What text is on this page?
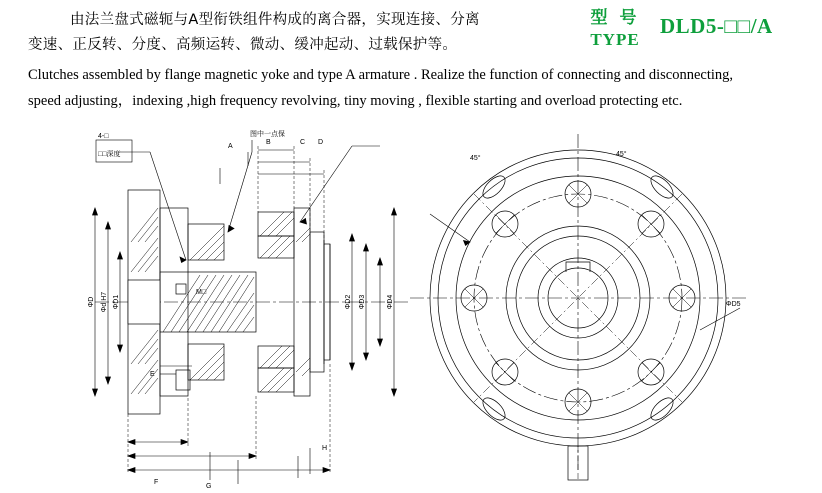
由法兰盘式磁轭与A型衔铁组件构成的离合器，实现连接、分离
变速、正反转、分度、高频运转、微动、缓冲起动、过载保护等。
Clutches assembled by flange magnetic yoke and type A armature . Realize the function of connecting and disconnecting,
speed adjusting，indexing ,high frequency revolving, tiny moving , flexible starting and overload protecting etc.
型 号
TYPE
DLD5-□□/A
4-□
□□深度
图中一点保
A
B	C D
M□
E
F
G
H
ΦD Φd H7 ΦD1	ΦD2 ΦD3	ΦD4
45°
45°
ΦD5
